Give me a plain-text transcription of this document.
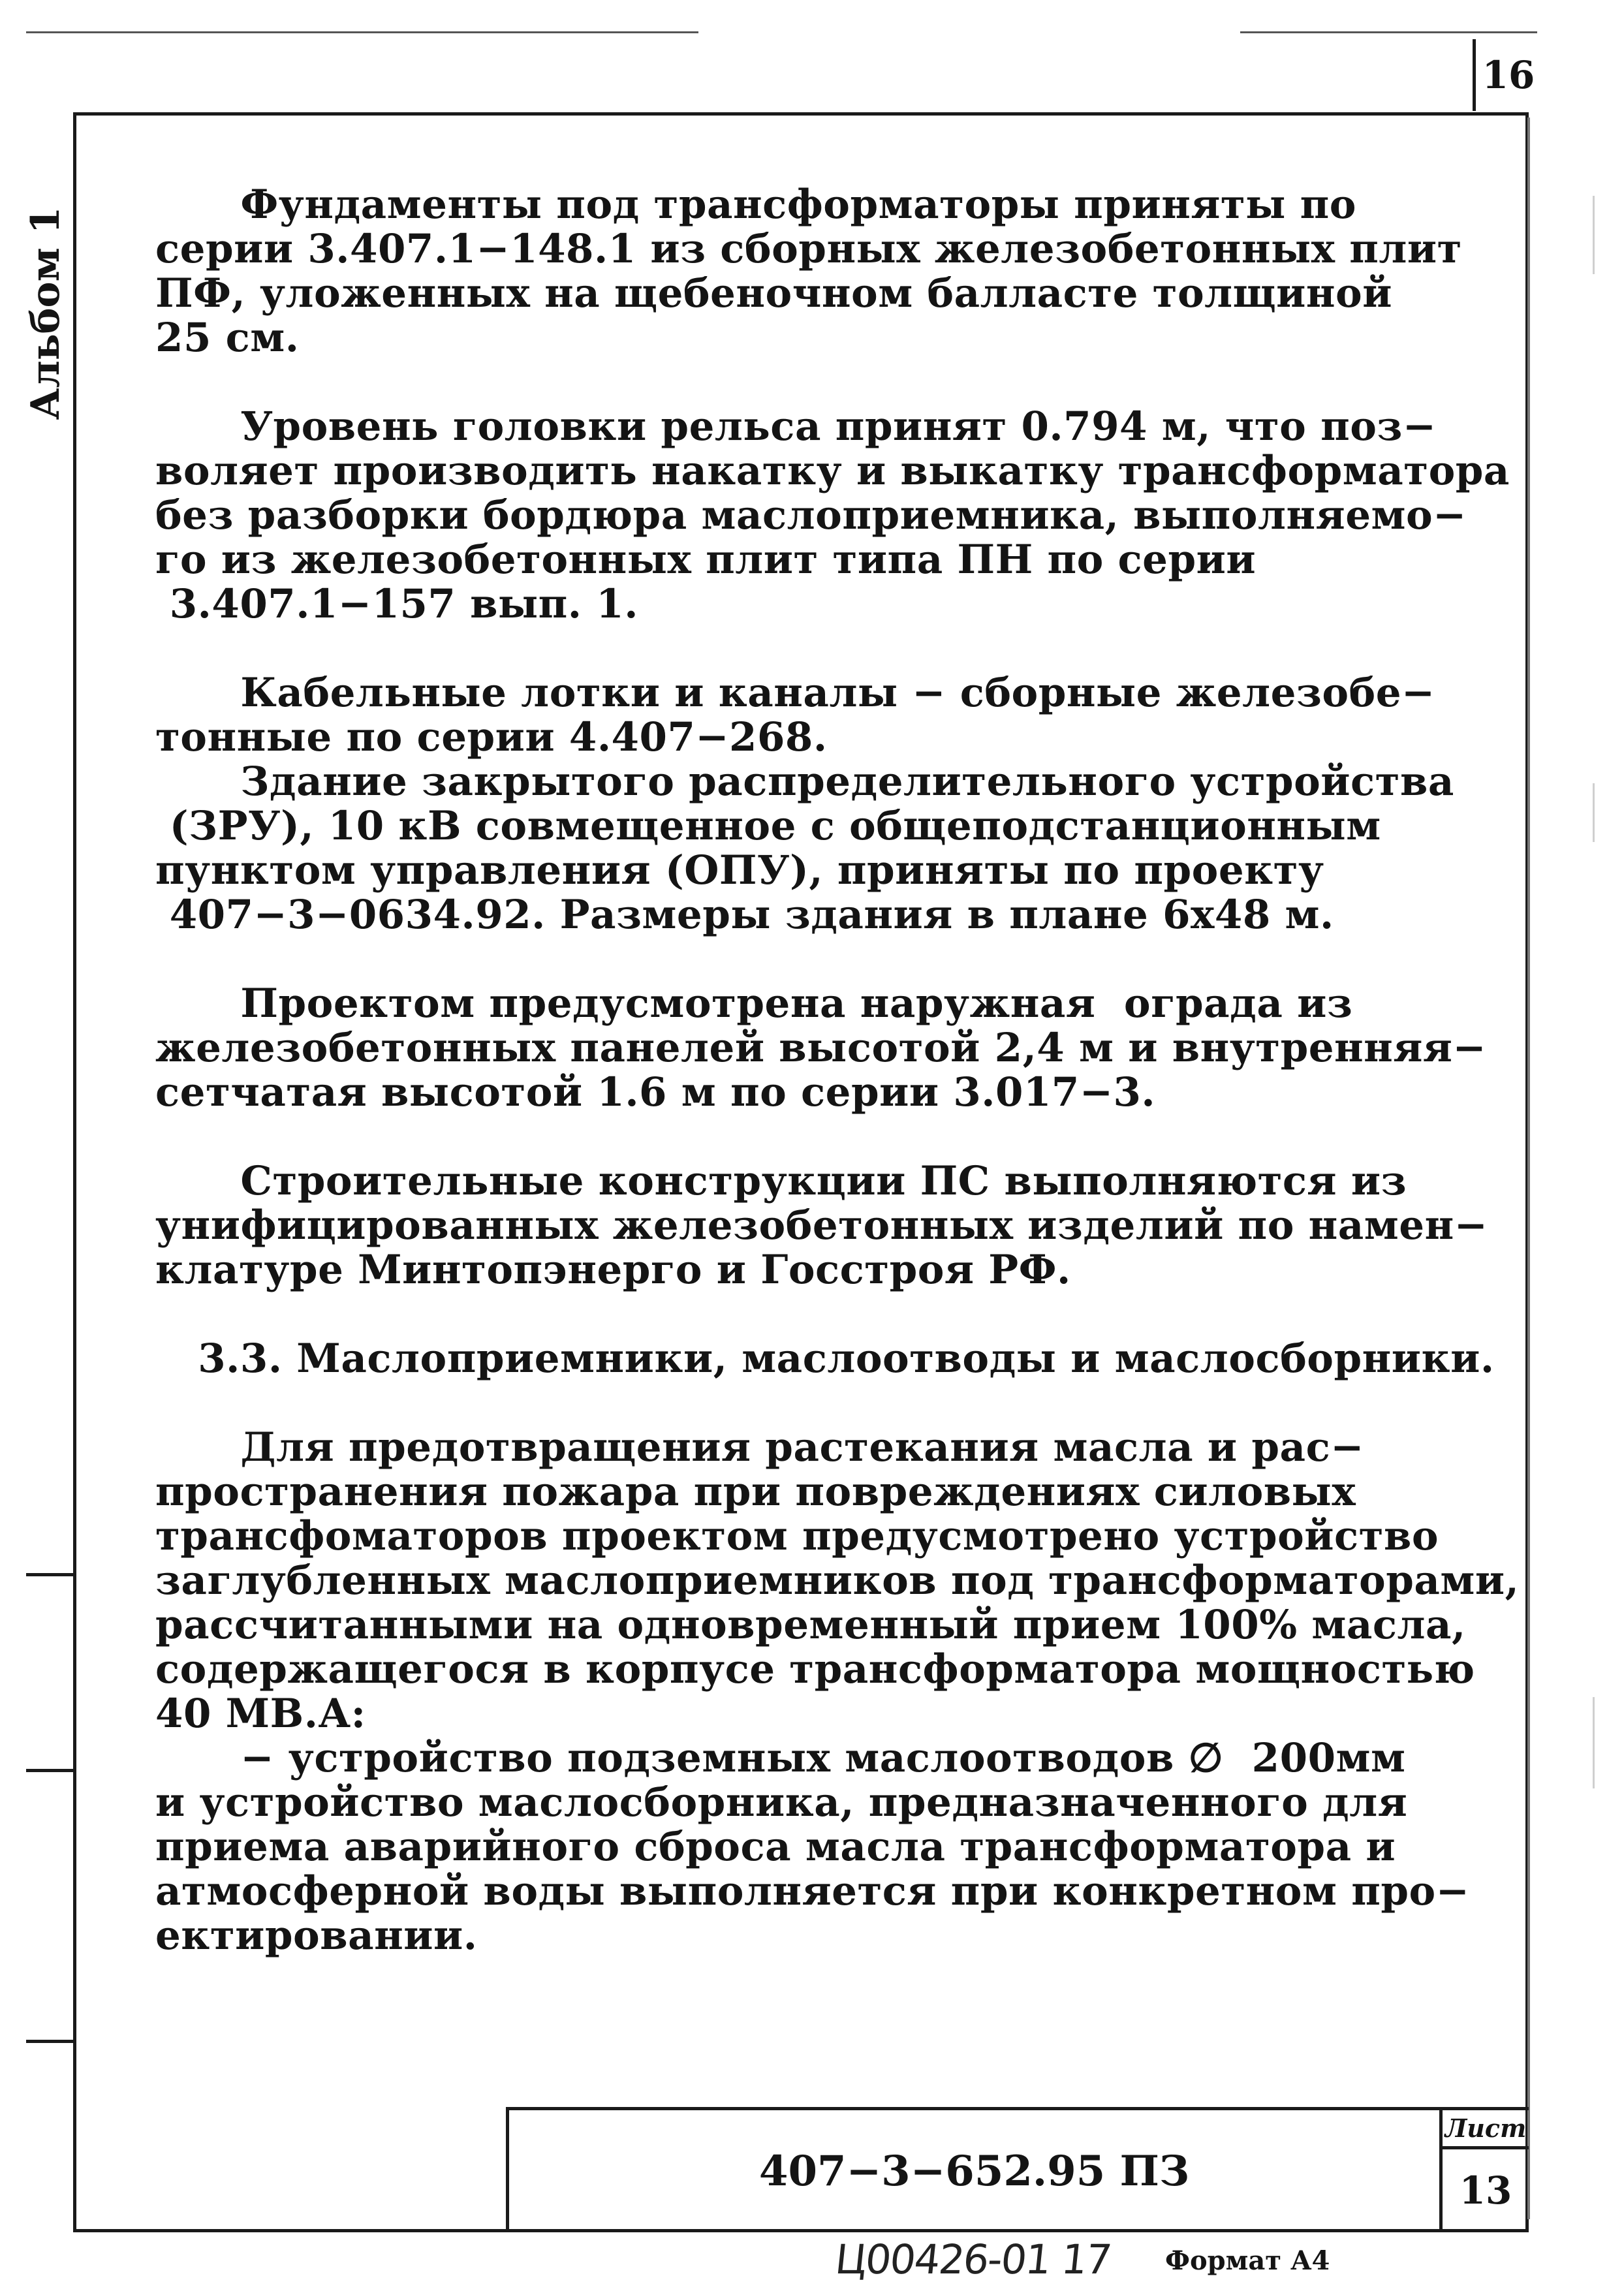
16
Альбом 1
Фундаменты под трансформаторы приняты по
серии 3.407.1−148.1 из сборных железобетонных плит
ПФ, уложенных на щебеночном балласте толщиной
25 см.
Уровень головки рельса принят 0.794 м, что поз−
воляет производить накатку и выкатку трансформатора
без разборки бордюра маслоприемника, выполняемо−
го из железобетонных плит типа ПН по серии
3.407.1−157 вып. 1.
Кабельные лотки и каналы − сборные железобе−
тонные по серии 4.407−268.
Здание закрытого распределительного устройства
(ЗРУ), 10 кВ совмещенное с общеподстанционным
пунктом управления (ОПУ), приняты по проекту
407−3−0634.92. Размеры здания в плане 6х48 м.
Проектом предусмотрена наружная  ограда из
железобетонных панелей высотой 2,4 м и внутренняя−
сетчатая высотой 1.6 м по серии 3.017−3.
Строительные конструкции ПС выполняются из
унифицированных железобетонных изделий по намен−
клатуре Минтопэнерго и Госстроя РФ.
3.3. Маслоприемники, маслоотводы и маслосборники.
Для предотвращения растекания масла и рас−
пространения пожара при повреждениях силовых
трансфоматоров проектом предусмотрено устройство
заглубленных маслоприемников под трансформаторами,
рассчитанными на одновременный прием 100% масла,
содержащегося в корпусе трансформатора мощностью
40 МВ.А:
− устройство подземных маслоотводов ∅  200мм
и устройство маслосборника, предназначенного для
приема аварийного сброса масла трансформатора и
атмосферной воды выполняется при конкретном про−
ектировании.
407−3−652.95 ПЗ
Лист
13
Ц00426-01 17 Формат А4
